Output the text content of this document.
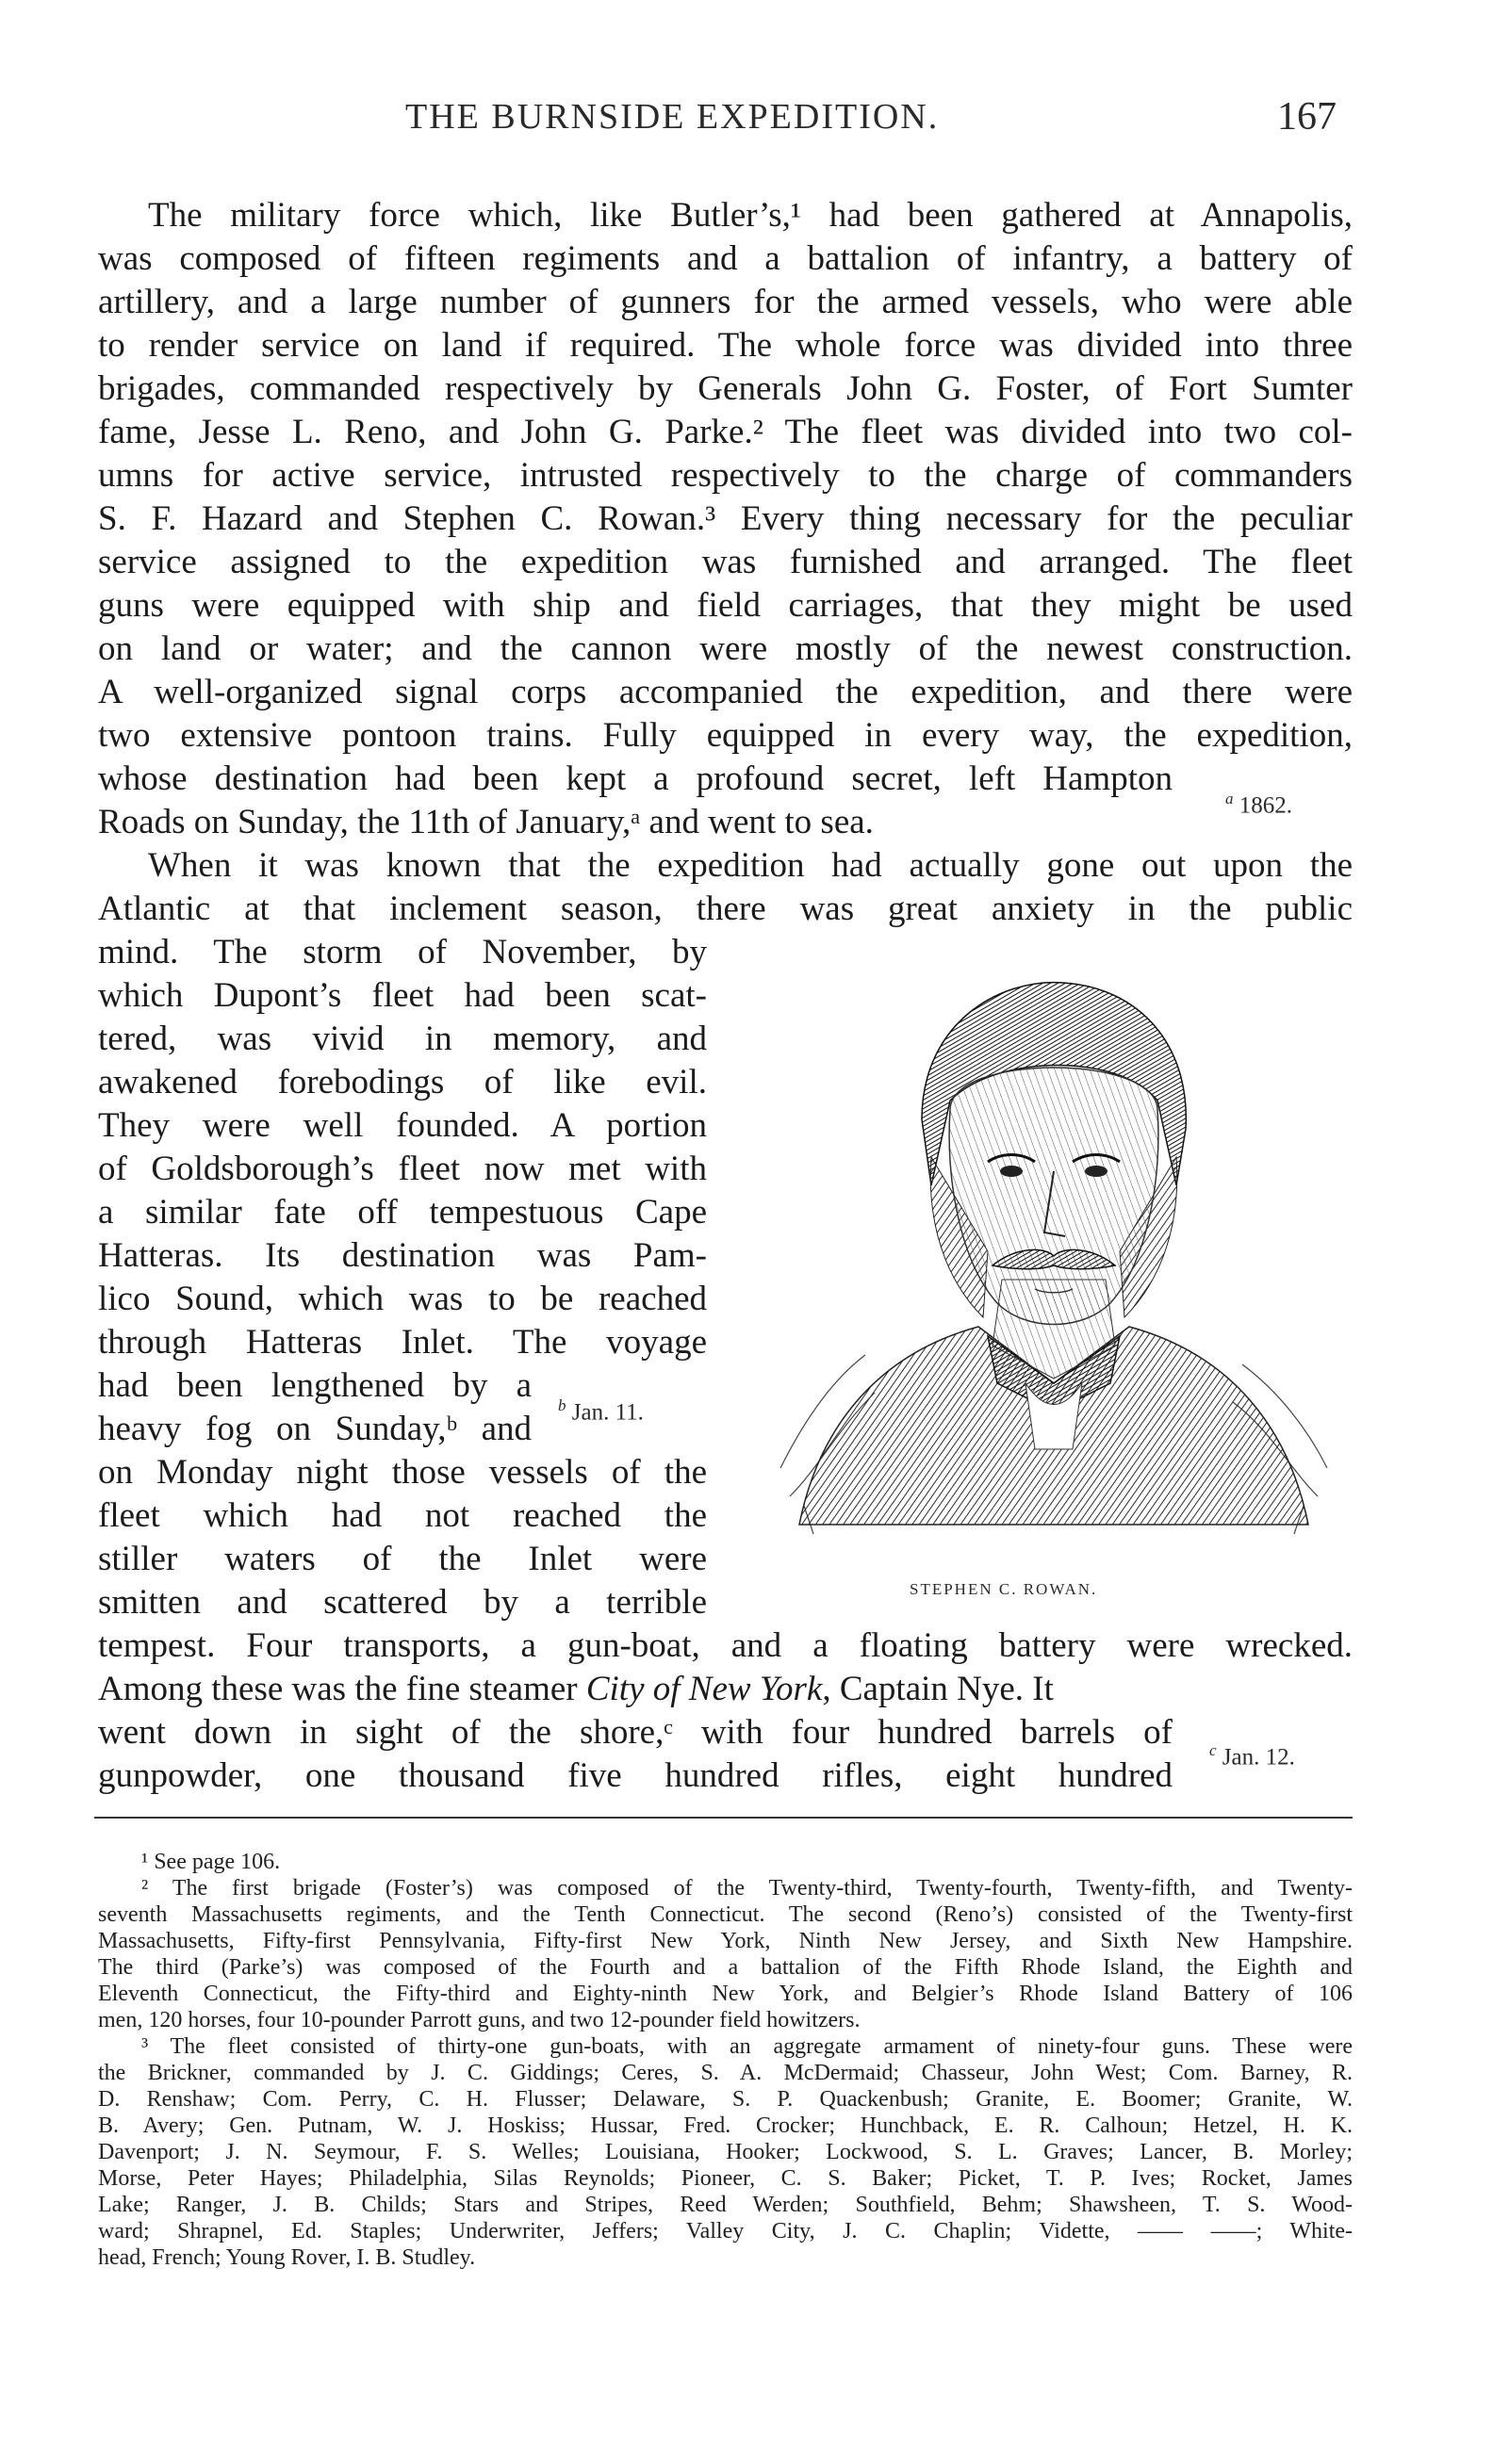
THE BURNSIDE EXPEDITION.	167
The military force which, like Butler’s,¹ had been gathered at Annapolis,
was composed of fifteen regiments and a battalion of infantry, a battery of
artillery, and a large number of gunners for the armed vessels, who were able
to render service on land if required. The whole force was divided into three
brigades, commanded respectively by Generals John G. Foster, of Fort Sumter
fame, Jesse L. Reno, and John G. Parke.² The fleet was divided into two col-
umns for active service, intrusted respectively to the charge of commanders
S. F. Hazard and Stephen C. Rowan.³ Every thing necessary for the peculiar
service assigned to the expedition was furnished and arranged. The fleet
guns were equipped with ship and field carriages, that they might be used
on land or water; and the cannon were mostly of the newest construction.
A well-organized signal corps accompanied the expedition, and there were
two extensive pontoon trains. Fully equipped in every way, the expedition,
whose destination had been kept a profound secret, left Hampton
Roads on Sunday, the 11th of January,ᵃ and went to sea.
When it was known that the expedition had actually gone out upon the
Atlantic at that inclement season, there was great anxiety in the public
mind. The storm of November, by
which Dupont’s fleet had been scat-
tered, was vivid in memory, and
awakened forebodings of like evil.
They were well founded. A portion
of Goldsborough’s fleet now met with
a similar fate off tempestuous Cape
Hatteras. Its destination was Pam-
lico Sound, which was to be reached
through Hatteras Inlet. The voyage
had been lengthened by a
heavy fog on Sunday,ᵇ and
on Monday night those vessels of the
fleet which had not reached the
stiller waters of the Inlet were
smitten and scattered by a terrible
tempest. Four transports, a gun-boat, and a floating battery were wrecked.
Among these was the fine steamer City of New York, Captain Nye. It
went down in sight of the shore,ᶜ with four hundred barrels of
gunpowder, one thousand five hundred rifles, eight hundred
$^a$ 1862.
$^b$ Jan. 11.
$^c$ Jan. 12.
STEPHEN C. ROWAN.
¹ See page 106.
² The first brigade (Foster’s) was composed of the Twenty-third, Twenty-fourth, Twenty-fifth, and Twenty-
seventh Massachusetts regiments, and the Tenth Connecticut. The second (Reno’s) consisted of the Twenty-first
Massachusetts, Fifty-first Pennsylvania, Fifty-first New York, Ninth New Jersey, and Sixth New Hampshire.
The third (Parke’s) was composed of the Fourth and a battalion of the Fifth Rhode Island, the Eighth and
Eleventh Connecticut, the Fifty-third and Eighty-ninth New York, and Belgier’s Rhode Island Battery of 106
men, 120 horses, four 10-pounder Parrott guns, and two 12-pounder field howitzers.
³ The fleet consisted of thirty-one gun-boats, with an aggregate armament of ninety-four guns. These were
the Brickner, commanded by J. C. Giddings; Ceres, S. A. McDermaid; Chasseur, John West; Com. Barney, R.
D. Renshaw; Com. Perry, C. H. Flusser; Delaware, S. P. Quackenbush; Granite, E. Boomer; Granite, W.
B. Avery; Gen. Putnam, W. J. Hoskiss; Hussar, Fred. Crocker; Hunchback, E. R. Calhoun; Hetzel, H. K.
Davenport; J. N. Seymour, F. S. Welles; Louisiana, Hooker; Lockwood, S. L. Graves; Lancer, B. Morley;
Morse, Peter Hayes; Philadelphia, Silas Reynolds; Pioneer, C. S. Baker; Picket, T. P. Ives; Rocket, James
Lake; Ranger, J. B. Childs; Stars and Stripes, Reed Werden; Southfield, Behm; Shawsheen, T. S. Wood-
ward; Shrapnel, Ed. Staples; Underwriter, Jeffers; Valley City, J. C. Chaplin; Vidette, —— ——; White-
head, French; Young Rover, I. B. Studley.
